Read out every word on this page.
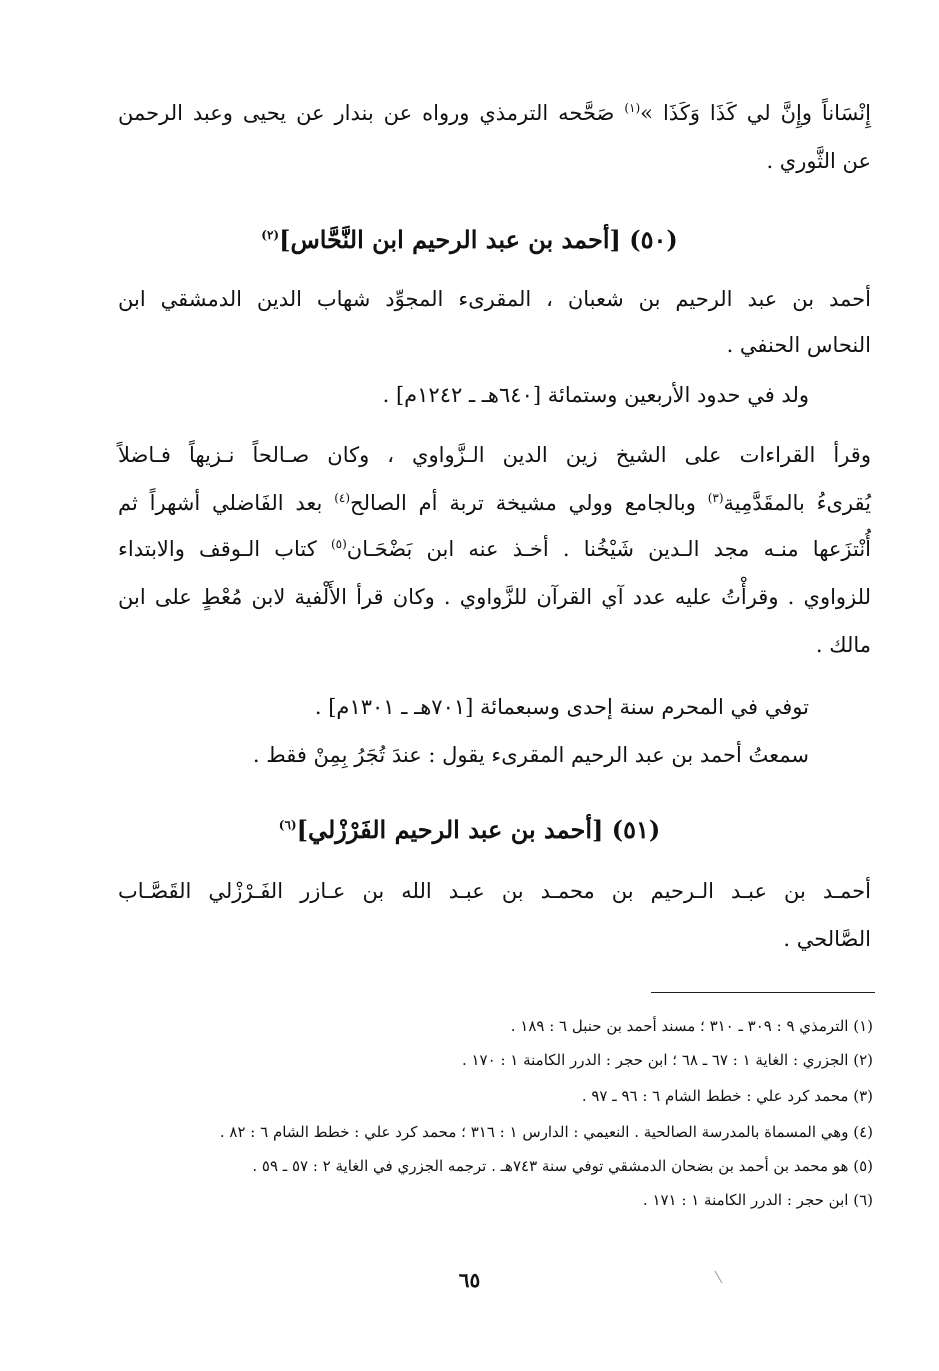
إِنْسَاناً وإِنَّ لي كَذَا وَكَذَا »$^{(١)}$ صَحَّحه الترمذي ورواه عن بندار عن يحيى وعبد الرحمن
عن الثَّوري .
(٥٠) [أحمد بن عبد الرحيم ابن النَّحَّاس]$^{(٢)}$
أحمد بن عبد الرحيم بن شعبان ، المقرىء المجوِّد شهاب الدين الدمشقي ابن
النحاس الحنفي .
ولد في حدود الأربعين وستمائة [٦٤٠هـ ـ ١٢٤٢م] .
وقرأ القراءات على الشيخ زين الدين الـزَّواوي ، وكان صـالحاً نـزيهاً فـاضلاً
يُقرىءُ بالمقَدَّمِية$^{(٣)}$ وبالجامع وولي مشيخة تربة أم الصالح$^{(٤)}$ بعد الفَاضلي أشهراً ثم
أُنْتزَعها منـه مجد الـدين شَيْخُنا . أخـذ عنه ابن بَضْحَـان$^{(٥)}$ كتاب الـوقف والابتداء
للزواوي . وقرأْتُ عليه عدد آي القرآن للزَّواوي . وكان قرأ الأَلْفية لابن مُعْطٍ على ابن
مالك .
توفي في المحرم سنة إحدى وسبعمائة [٧٠١هـ ـ ١٣٠١م] .
سمعتُ أحمد بن عبد الرحيم المقرىء يقول : عندَ تُجَرُ بِمِنْ فقط .
(٥١) [أحمد بن عبد الرحيم الفَرْزْلي]$^{(٦)}$
أحمـد بن عبـد الـرحيم بن محمـد بن عبـد الله بن عـازر الفَـرْزْلي القَصَّـاب
الصَّالحي .
(١) الترمذي ٩ : ٣٠٩ ـ ٣١٠ ؛ مسند أحمد بن حنبل ٦ : ١٨٩ .
(٢) الجزري : الغاية ١ : ٦٧ ـ ٦٨ ؛ ابن حجر : الدرر الكامنة ١ : ١٧٠ .
(٣) محمد كرد علي : خطط الشام ٦ : ٩٦ ـ ٩٧ .
(٤) وهي المسماة بالمدرسة الصالحية . النعيمي : الدارس ١ : ٣١٦ ؛ محمد كرد علي : خطط الشام ٦ : ٨٢ .
(٥) هو محمد بن أحمد بن بضحان الدمشقي توفي سنة ٧٤٣هـ . ترجمه الجزري في الغاية ٢ : ٥٧ ـ ٥٩ .
(٦) ابن حجر : الدرر الكامنة ١ : ١٧١ .
٦٥
